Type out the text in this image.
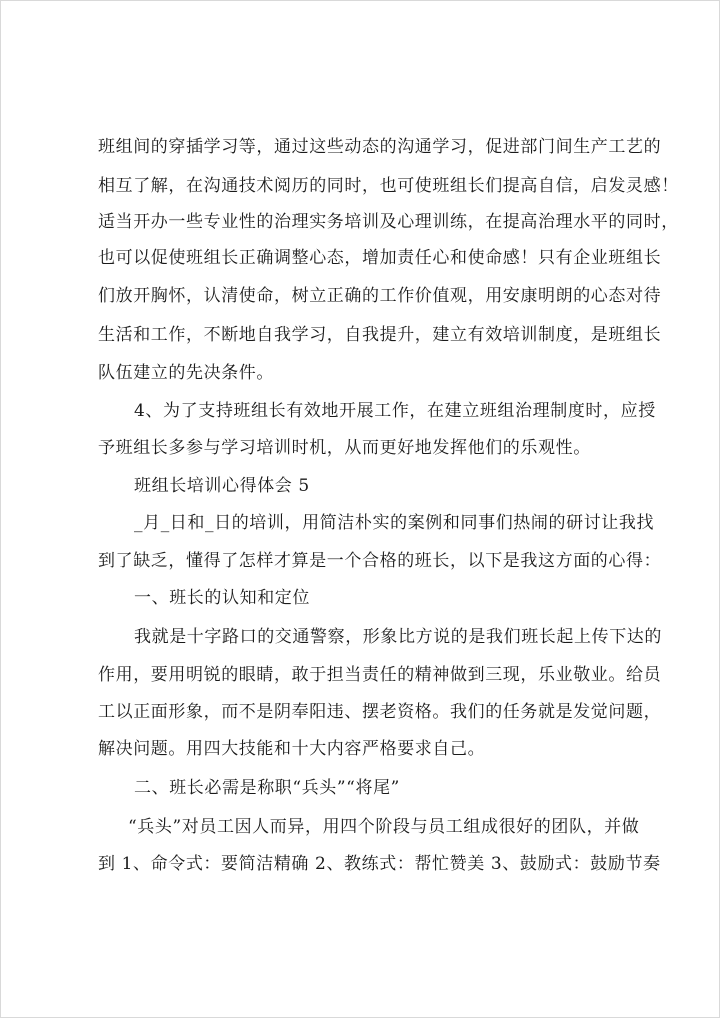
班组间的穿插学习等，通过这些动态的沟通学习，促进部门间生产工艺的
相互了解，在沟通技术阅历的同时，也可使班组长们提高自信，启发灵感！
适当开办一些专业性的治理实务培训及心理训练，在提高治理水平的同时，
也可以促使班组长正确调整心态，增加责任心和使命感！只有企业班组长
们放开胸怀，认清使命，树立正确的工作价值观，用安康明朗的心态对待
生活和工作，不断地自我学习，自我提升，建立有效培训制度，是班组长
队伍建立的先决条件。
4、为了支持班组长有效地开展工作，在建立班组治理制度时，应授
予班组长多参与学习培训时机，从而更好地发挥他们的乐观性。
班组长培训心得体会 5
_月_日和_日的培训，用简洁朴实的案例和同事们热闹的研讨让我找
到了缺乏，懂得了怎样才算是一个合格的班长，以下是我这方面的心得：
一、班长的认知和定位
我就是十字路口的交通警察，形象比方说的是我们班长起上传下达的
作用，要用明锐的眼睛，敢于担当责任的精神做到三现，乐业敬业。给员
工以正面形象，而不是阴奉阳违、摆老资格。我们的任务就是发觉问题，
解决问题。用四大技能和十大内容严格要求自己。
二、班长必需是称职“兵头”“将尾”
“兵头”对员工因人而异，用四个阶段与员工组成很好的团队，并做
到 1、命令式：要简洁精确 2、教练式：帮忙赞美 3、鼓励式：鼓励节奏
